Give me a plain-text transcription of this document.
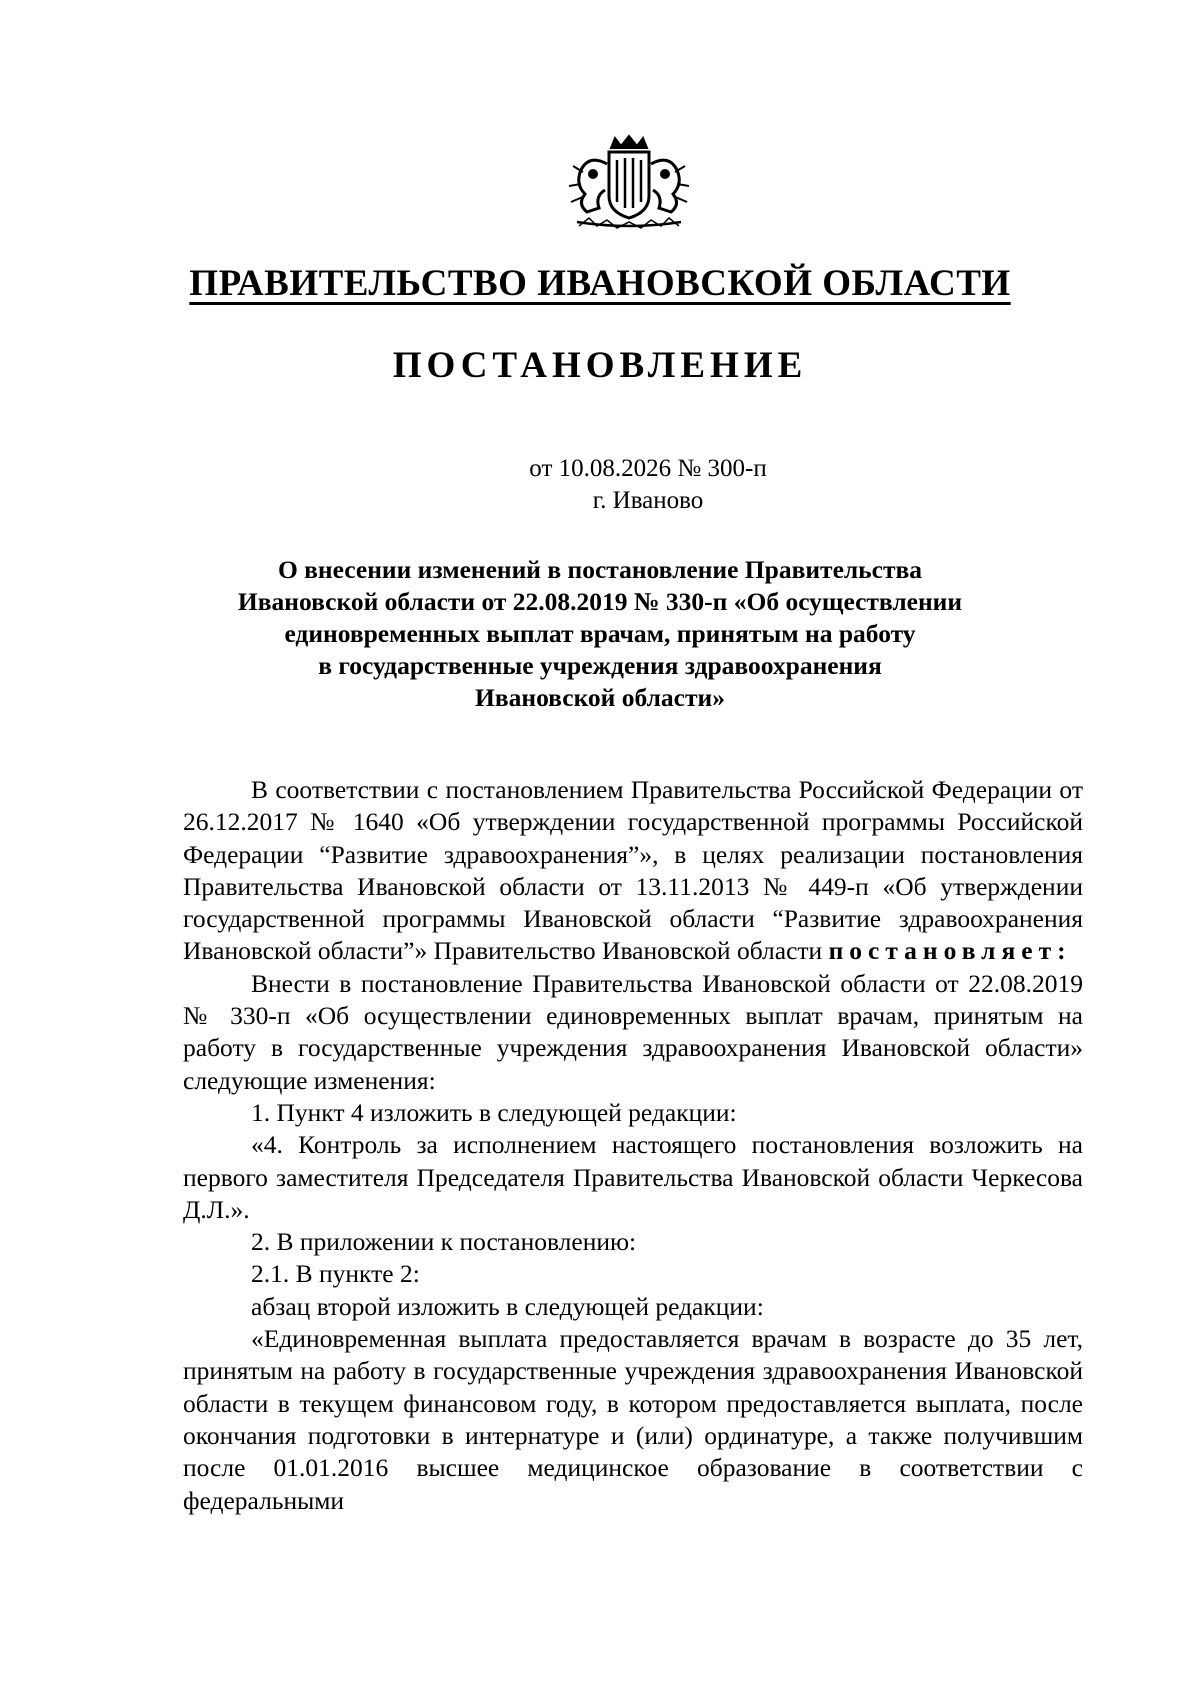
ПРАВИТЕЛЬСТВО ИВАНОВСКОЙ ОБЛАСТИ
ПОСТАНОВЛЕНИЕ
от 10.08.2026 № 300-п
г. Иваново
О внесении изменений в постановление Правительства
Ивановской области от 22.08.2019 № 330-п «Об осуществлении
единовременных выплат врачам, принятым на работу
в государственные учреждения здравоохранения
Ивановской области»

В соответствии с постановлением Правительства Российской Федерации от 26.12.2017 № 1640 «Об утверждении государственной программы Российской Федерации “Развитие здравоохранения”», в целях реализации постановления Правительства Ивановской области от 13.11.2013 № 449-п «Об утверждении государственной программы Ивановской области “Развитие здравоохранения Ивановской области”» Правительство Ивановской области постановляет:

Внести в постановление Правительства Ивановской области от 22.08.2019 № 330-п «Об осуществлении единовременных выплат врачам, принятым на работу в государственные учреждения здравоохранения Ивановской области» следующие изменения:

1. Пункт 4 изложить в следующей редакции:

«4. Контроль за исполнением настоящего постановления возложить на первого заместителя Председателя Правительства Ивановской области Черкесова Д.Л.».

2. В приложении к постановлению:

2.1. В пункте 2:

абзац второй изложить в следующей редакции:

«Единовременная выплата предоставляется врачам в возрасте до 35 лет, принятым на работу в государственные учреждения здравоохранения Ивановской области в текущем финансовом году, в котором предоставляется выплата, после окончания подготовки в интернатуре и (или) ординатуре, а также получившим после 01.01.2016 высшее медицинское образование в соответствии с федеральными
